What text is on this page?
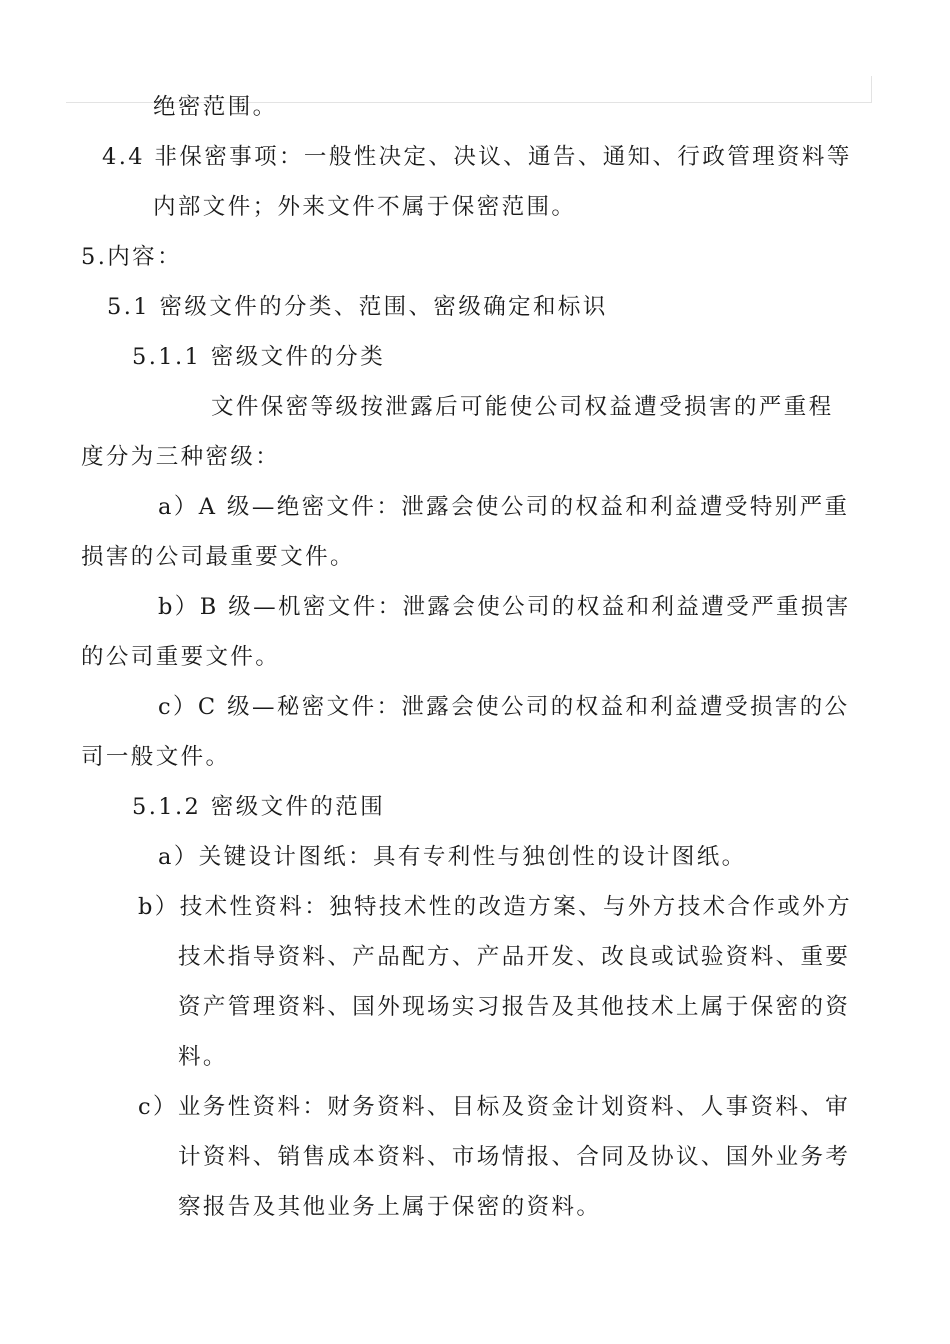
绝密范围。
4.4 非保密事项：一般性决定、决议、通告、通知、行政管理资料等
内部文件；外来文件不属于保密范围。
5.内容：
5.1 密级文件的分类、范围、密级确定和标识
5.1.1 密级文件的分类
文件保密等级按泄露后可能使公司权益遭受损害的严重程
度分为三种密级：
a）A 级—绝密文件：泄露会使公司的权益和利益遭受特别严重
损害的公司最重要文件。
b）B 级—机密文件：泄露会使公司的权益和利益遭受严重损害
的公司重要文件。
c）C 级—秘密文件：泄露会使公司的权益和利益遭受损害的公
司一般文件。
5.1.2 密级文件的范围
a）关键设计图纸：具有专利性与独创性的设计图纸。
b）技术性资料：独特技术性的改造方案、与外方技术合作或外方
技术指导资料、产品配方、产品开发、改良或试验资料、重要
资产管理资料、国外现场实习报告及其他技术上属于保密的资
料。
c）业务性资料：财务资料、目标及资金计划资料、人事资料、审
计资料、销售成本资料、市场情报、合同及协议、国外业务考
察报告及其他业务上属于保密的资料。
